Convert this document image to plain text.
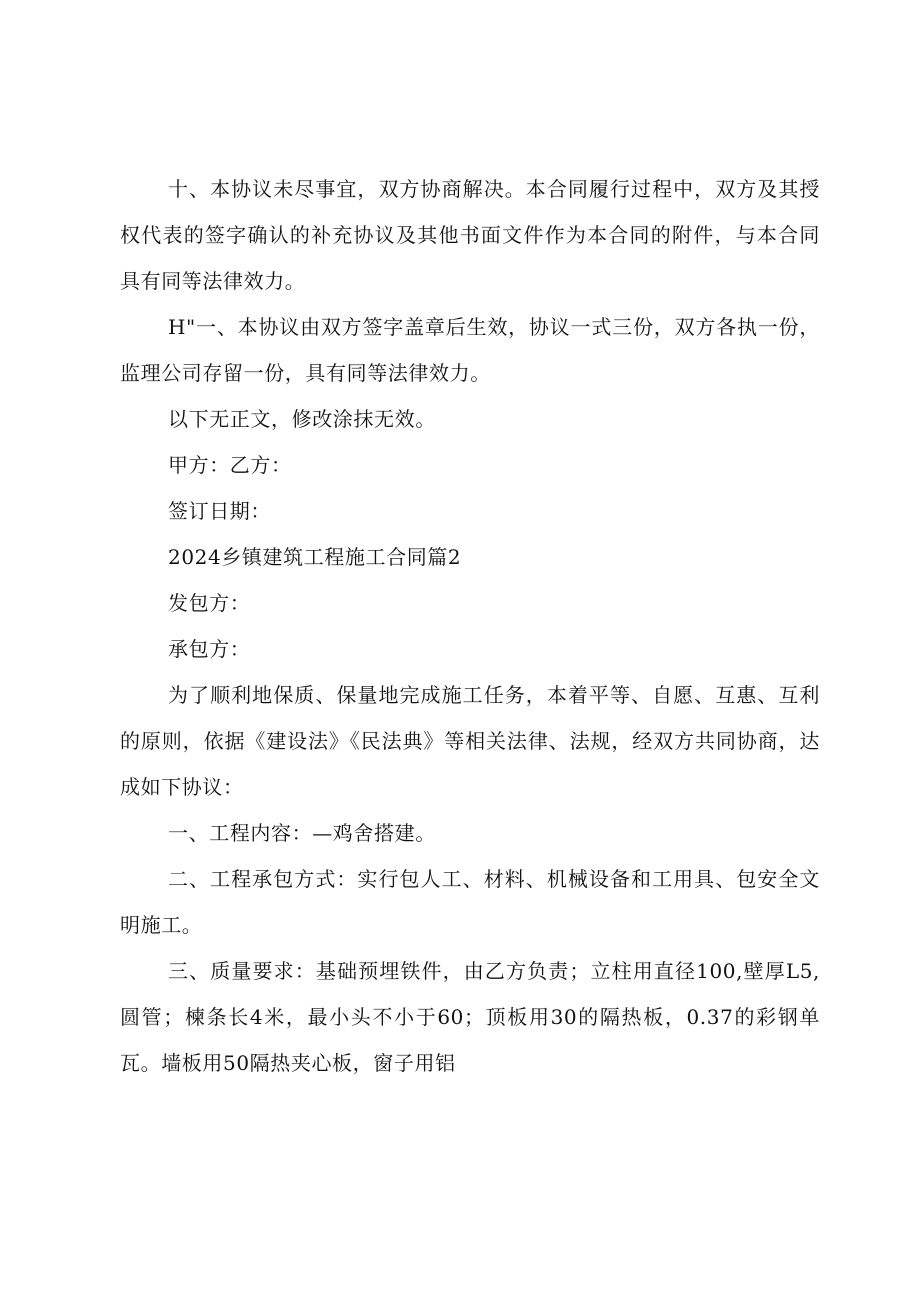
十、本协议未尽事宜，双方协商解决。本合同履行过程中，双方及其授权代表的签字确认的补充协议及其他书面文件作为本合同的附件，与本合同具有同等法律效力。

H"一、本协议由双方签字盖章后生效，协议一式三份，双方各执一份，监理公司存留一份，具有同等法律效力。

以下无正文，修改涂抹无效。

甲方：乙方：

签订日期：

2024乡镇建筑工程施工合同篇2

发包方：

承包方：

为了顺利地保质、保量地完成施工任务，本着平等、自愿、互惠、互利的原则，依据《建设法》《民法典》等相关法律、法规，经双方共同协商，达成如下协议：

一、工程内容：—鸡舍搭建。

二、工程承包方式：实行包人工、材料、机械设备和工用具、包安全文明施工。

三、质量要求：基础预埋铁件，由乙方负责；立柱用直径100,壁厚L5,圆管；楝条长4米，最小头不小于60；顶板用30的隔热板，0.37的彩钢单瓦。墙板用50隔热夹心板，窗子用铝
